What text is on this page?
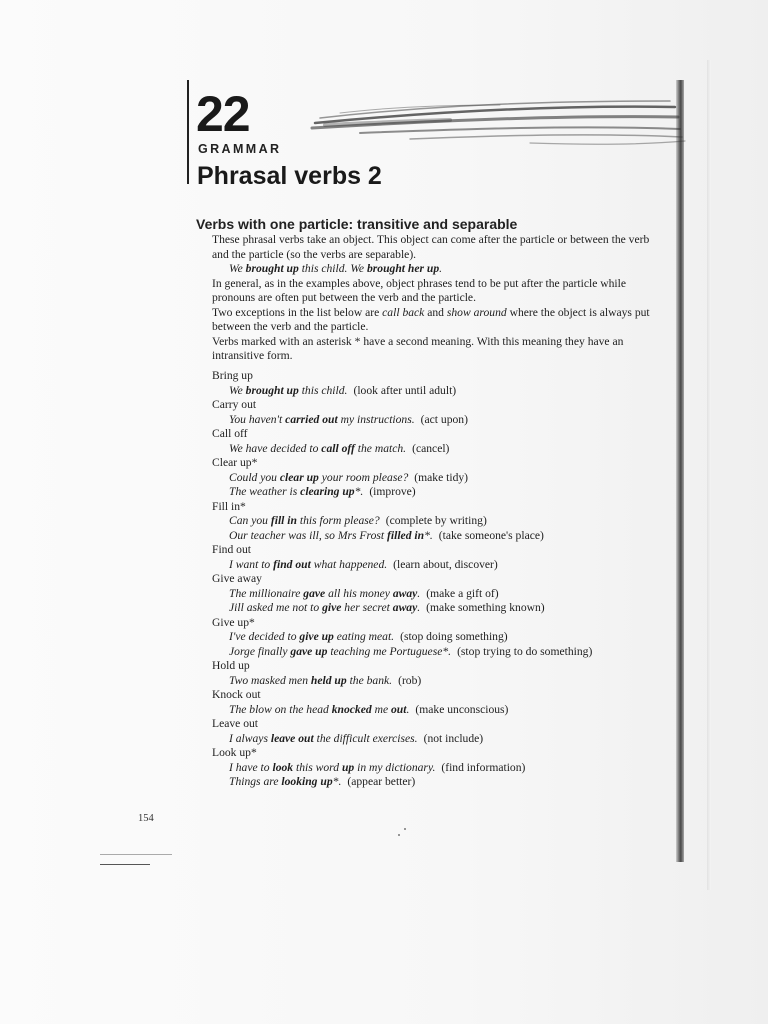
22
GRAMMAR
Phrasal verbs 2
Verbs with one particle: transitive and separable

These phrasal verbs take an object. This object can come after the particle or between the verb and the particle (so the verbs are separable).

We brought up this child. We brought her up.

In general, as in the examples above, object phrases tend to be put after the particle while pronouns are often put between the verb and the particle.

Two exceptions in the list below are call back and show around where the object is always put between the verb and the particle.

Verbs marked with an asterisk * have a second meaning. With this meaning they have an intransitive form.

Bring up

We brought up this child. (look after until adult)

Carry out

You haven't carried out my instructions. (act upon)

Call off

We have decided to call off the match. (cancel)

Clear up*

Could you clear up your room please? (make tidy)

The weather is clearing up*. (improve)

Fill in*

Can you fill in this form please? (complete by writing)

Our teacher was ill, so Mrs Frost filled in*. (take someone's place)

Find out

I want to find out what happened. (learn about, discover)

Give away

The millionaire gave all his money away. (make a gift of)

Jill asked me not to give her secret away. (make something known)

Give up*

I've decided to give up eating meat. (stop doing something)

Jorge finally gave up teaching me Portuguese*. (stop trying to do something)

Hold up

Two masked men held up the bank. (rob)

Knock out

The blow on the head knocked me out. (make unconscious)

Leave out

I always leave out the difficult exercises. (not include)

Look up*

I have to look this word up in my dictionary. (find information)

Things are looking up*. (appear better)

154
